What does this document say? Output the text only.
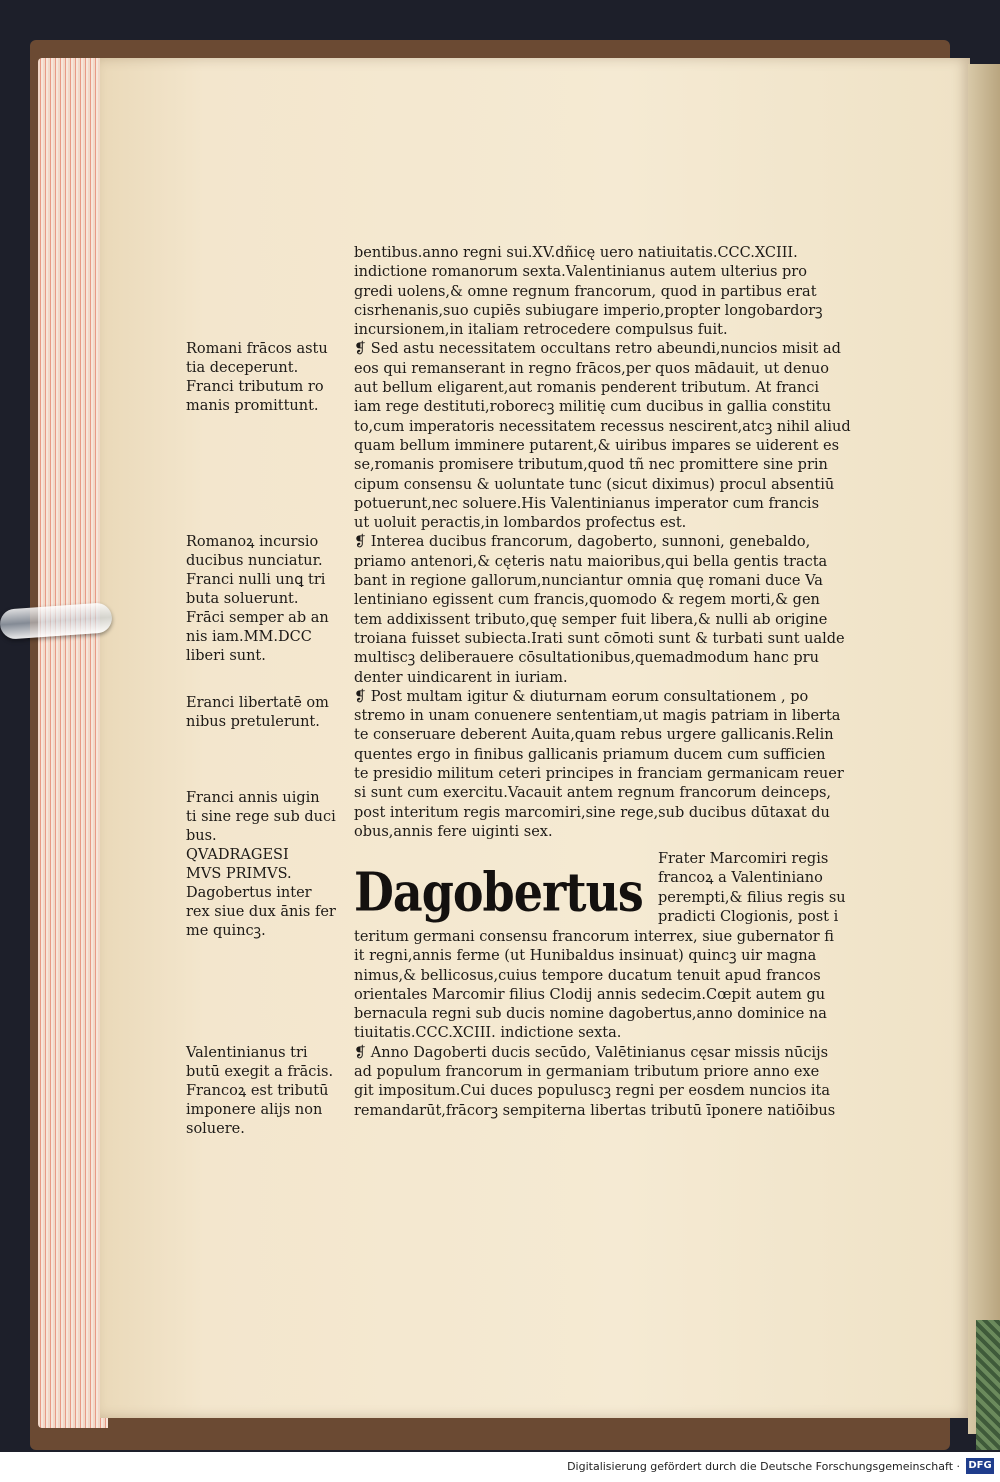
Romani frācos astu
tia deceperunt.
Franci tributum ro
manis promittunt.
Romanoꝝ incursio
ducibus nunciatur.
Franci nulli unꝗ tri
buta soluerunt.
Frāci semper ab an
nis iam.MM.DCC
liberi sunt.
Eranci libertatē om
nibus pretulerunt.
Franci annis uigin
ti sine rege sub duci
bus.
QVADRAGESI
MVS PRIMVS.
Dagobertus inter
rex siue dux ānis fer
me quincꝫ.
Valentinianus tri
butū exegit a frācis.
Francoꝝ est tributū
imponere alijs non
soluere.
bentibus.anno regni sui.XV.dñicę uero natiuitatis.CCC.XCIII.
indictione romanorum sexta.Valentinianus autem ulterius pro
gredi uolens,& omne regnum francorum, quod in partibus erat
cisrhenanis,suo cupiēs subiugare imperio,propter longobardorꝫ
incursionem,in italiam retrocedere compulsus fuit.
❡ Sed astu necessitatem occultans retro abeundi,nuncios misit ad
eos qui remanserant in regno frācos,per quos mādauit, ut denuo
aut bellum eligarent,aut romanis penderent tributum. At franci
iam rege destituti,roborecꝫ militię cum ducibus in gallia constitu
to,cum imperatoris necessitatem recessus nescirent,atcꝫ nihil aliud
quam bellum imminere putarent,& uiribus impares se uiderent es
se,romanis promisere tributum,quod tñ nec promittere sine prin
cipum consensu & uoluntate tunc (sicut diximus) procul absentiū
potuerunt,nec soluere.His Valentinianus imperator cum francis
ut uoluit peractis,in lombardos profectus est.
❡ Interea ducibus francorum, dagoberto, sunnoni, genebaldo,
priamo antenori,& cęteris natu maioribus,qui bella gentis tracta
bant in regione gallorum,nunciantur omnia quę romani duce Va
lentiniano egissent cum francis,quomodo & regem morti,& gen
tem addixissent tributo,quę semper fuit libera,& nulli ab origine
troiana fuisset subiecta.Irati sunt cōmoti sunt & turbati sunt ualde
multiscꝫ deliberauere cōsultationibus,quemadmodum hanc pru
denter uindicarent in iuriam.
❡ Post multam igitur & diuturnam eorum consultationem , po
stremo in unam conuenere sententiam,ut magis patriam in liberta
te conseruare deberent Auita,quam rebus urgere gallicanis.Relin
quentes ergo in finibus gallicanis priamum ducem cum sufficien
te presidio militum ceteri principes in franciam germanicam reuer
si sunt cum exercitu.Vacauit antem regnum francorum deinceps,
post interitum regis marcomiri,sine rege,sub ducibus dūtaxat du
obus,annis fere uiginti sex.
Dagobertus
Frater Marcomiri regis
francoꝝ a Valentiniano
perempti,& filius regis su
pradicti Clogionis, post i
teritum germani consensu francorum interrex, siue gubernator fi
it regni,annis ferme (ut Hunibaldus insinuat) quincꝫ uir magna
nimus,& bellicosus,cuius tempore ducatum tenuit apud francos
orientales Marcomir filius Clodij annis sedecim.Cœpit autem gu
bernacula regni sub ducis nomine dagobertus,anno dominice na
tiuitatis.CCC.XCIII. indictione sexta.
❡ Anno Dagoberti ducis secūdo, Valētinianus cęsar missis nūcijs
ad populum francorum in germaniam tributum priore anno exe
git impositum.Cui duces populuscꝫ regni per eosdem nuncios ita
remandarūt,frācorꝫ sempiterna libertas tributū īponere natiōibus
Digitalisierung gefördert durch die Deutsche Forschungsgemeinschaft · DFG
